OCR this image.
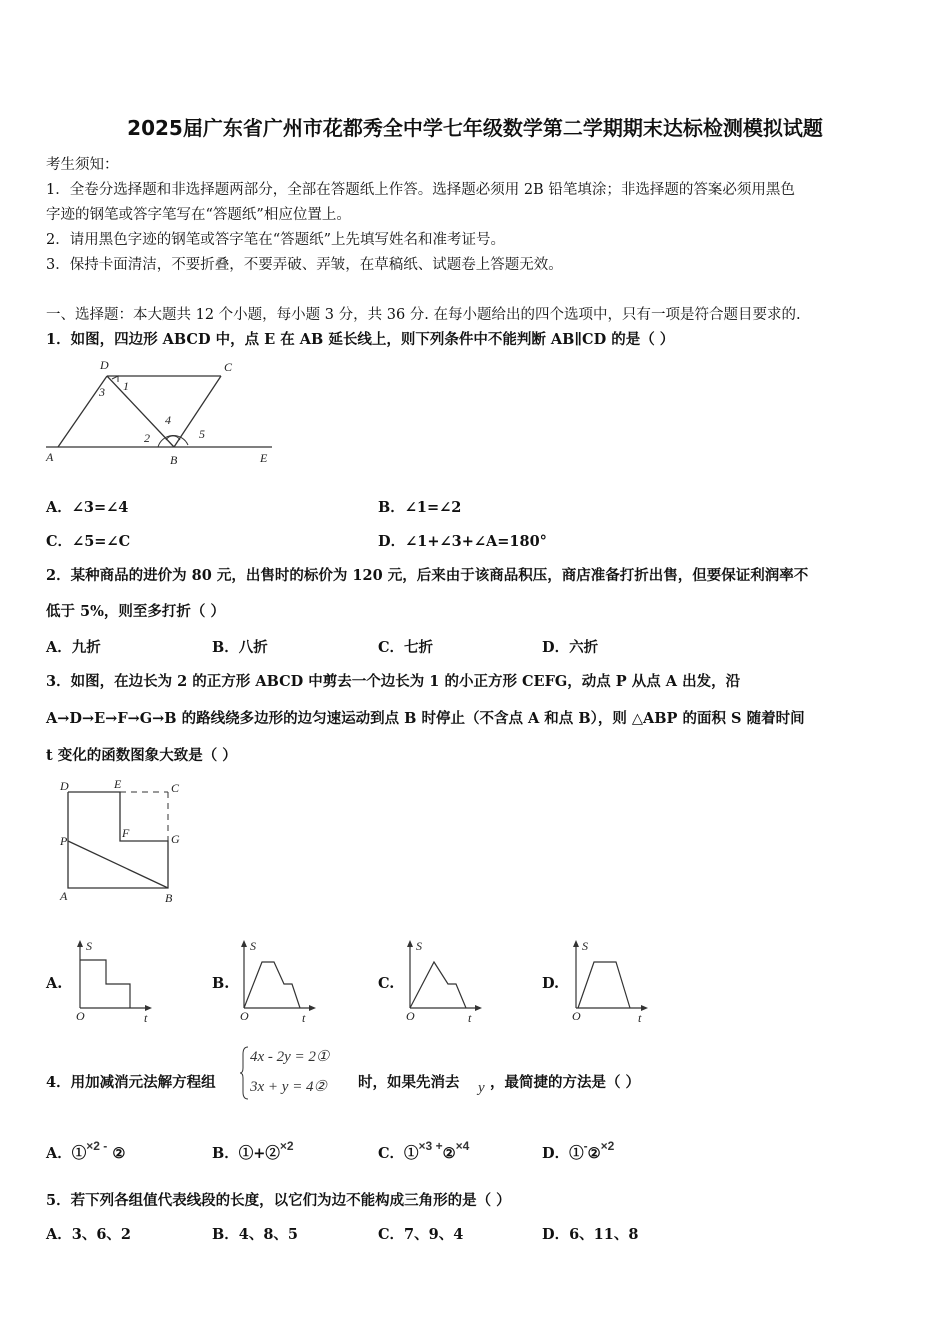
2025届广东省广州市花都秀全中学七年级数学第二学期期末达标检测模拟试题
考生须知：
1．全卷分选择题和非选择题两部分，全部在答题纸上作答。选择题必须用 2B 铅笔填涂；非选择题的答案必须用黑色
字迹的钢笔或答字笔写在“答题纸”相应位置上。
2．请用黑色字迹的钢笔或答字笔在“答题纸”上先填写姓名和准考证号。
3．保持卡面清洁，不要折叠，不要弄破、弄皱，在草稿纸、试题卷上答题无效。
一、选择题：本大题共 12 个小题，每小题 3 分，共 36 分. 在每小题给出的四个选项中，只有一项是符合题目要求的.
1．如图，四边形 ABCD 中，点 E 在 AB 延长线上，则下列条件中不能判断 AB∥CD 的是（ ）
D	C
A	B	E
1
2
3
4
5
A．∠3=∠4	B．∠1=∠2
C．∠5=∠C	D．∠1+∠3+∠A=180°
2．某种商品的进价为 80 元，出售时的标价为 120 元，后来由于该商品积压，商店准备打折出售，但要保证利润率不
低于 5%，则至多打折（ ）
A．九折	B．八折	C．七折	D．六折
3．如图，在边长为 2 的正方形 ABCD 中剪去一个边长为 1 的小正方形 CEFG，动点 P 从点 A 出发，沿
A→D→E→F→G→B 的路线绕多边形的边匀速运动到点 B 时停止（不含点 A 和点 B），则 △ABP 的面积 S 随着时间
t 变化的函数图象大致是（ ）
D	E	C
F	G
P
A	B
A.
S
O	t
B.
S
O	t
C.
S
O	t
D.
S
O	t
4．用加减消元法解方程组
4x - 2y = 2①
3x + y = 4② 时，如果先消去 y ，最简捷的方法是（ ）
A．①$^{\times 2 -}$ ②	B．①+②$^{\times 2}$	C．①$^{\times 3 +}$②$^{\times 4}$	D．①-②$^{\times 2}$
5．若下列各组值代表线段的长度，以它们为边不能构成三角形的是（ ）
A．3、6、2	B．4、8、5	C．7、9、4	D．6、11、8
